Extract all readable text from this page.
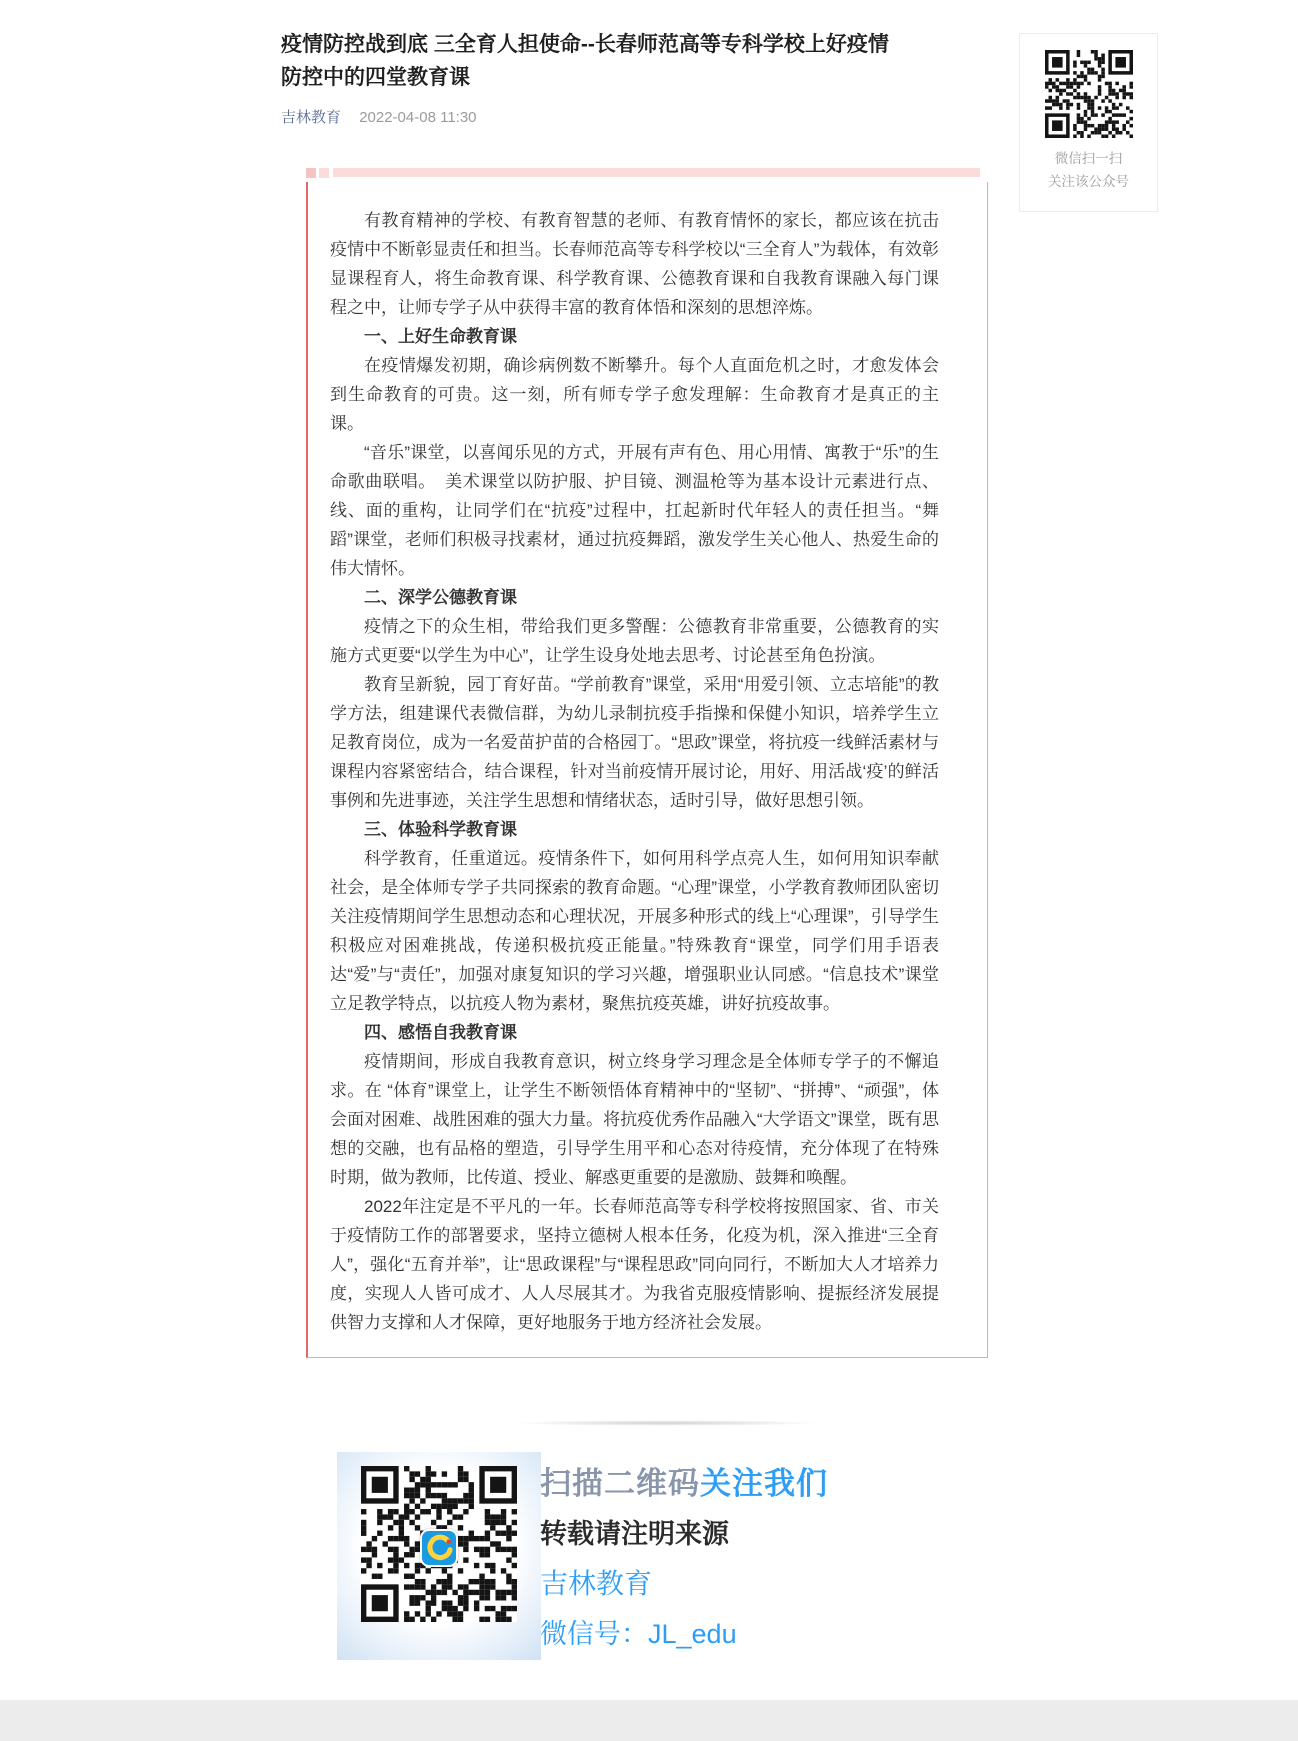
疫情防控战到底 三全育人担使命--长春师范高等专科学校上好疫情防控中的四堂教育课
吉林教育 2022-04-08 11:30
微信扫一扫
关注该公众号

有教育精神的学校、有教育智慧的老师、有教育情怀的家长，都应该在抗击疫情中不断彰显责任和担当。长春师范高等专科学校以“三全育人”为载体，有效彰显课程育人，将生命教育课、科学教育课、公德教育课和自我教育课融入每门课程之中，让师专学子从中获得丰富的教育体悟和深刻的思想淬炼。

一、上好生命教育课

在疫情爆发初期，确诊病例数不断攀升。每个人直面危机之时，才愈发体会到生命教育的可贵。这一刻，所有师专学子愈发理解：生命教育才是真正的主课。

“音乐”课堂，以喜闻乐见的方式，开展有声有色、用心用情、寓教于“乐”的生命歌曲联唱。　美术课堂以防护服、护目镜、测温枪等为基本设计元素进行点、线、面的重构，让同学们在“抗疫”过程中，扛起新时代年轻人的责任担当。“舞蹈”课堂，老师们积极寻找素材，通过抗疫舞蹈，激发学生关心他人、热爱生命的伟大情怀。

二、深学公德教育课

疫情之下的众生相，带给我们更多警醒：公德教育非常重要，公德教育的实施方式更要“以学生为中心”，让学生设身处地去思考、讨论甚至角色扮演。

教育呈新貌，园丁育好苗。“学前教育”课堂，采用“用爱引领、立志培能”的教学方法，组建课代表微信群，为幼儿录制抗疫手指操和保健小知识，培养学生立足教育岗位，成为一名爱苗护苗的合格园丁。“思政”课堂，将抗疫一线鲜活素材与课程内容紧密结合，结合课程，针对当前疫情开展讨论，用好、用活战‘疫’的鲜活事例和先进事迹，关注学生思想和情绪状态，适时引导，做好思想引领。

三、体验科学教育课

科学教育，任重道远。疫情条件下，如何用科学点亮人生，如何用知识奉献社会，是全体师专学子共同探索的教育命题。“心理”课堂，小学教育教师团队密切关注疫情期间学生思想动态和心理状况，开展多种形式的线上“心理课”，引导学生积极应对困难挑战，传递积极抗疫正能量。”特殊教育“课堂，同学们用手语表达“爱”与“责任”，加强对康复知识的学习兴趣，增强职业认同感。“信息技术”课堂立足教学特点，以抗疫人物为素材，聚焦抗疫英雄，讲好抗疫故事。

四、感悟自我教育课

疫情期间，形成自我教育意识，树立终身学习理念是全体师专学子的不懈追求。在 “体育”课堂上，让学生不断领悟体育精神中的“坚韧”、“拼搏”、“顽强”，体会面对困难、战胜困难的强大力量。将抗疫优秀作品融入“大学语文”课堂，既有思想的交融，也有品格的塑造，引导学生用平和心态对待疫情，充分体现了在特殊时期，做为教师，比传道、授业、解惑更重要的是激励、鼓舞和唤醒。

2022年注定是不平凡的一年。长春师范高等专科学校将按照国家、省、市关于疫情防工作的部署要求，坚持立德树人根本任务，化疫为机，深入推进“三全育人”，强化“五育并举”，让“思政课程”与“课程思政”同向同行，不断加大人才培养力度，实现人人皆可成才、人人尽展其才。为我省克服疫情影响、提振经济发展提供智力支撑和人才保障，更好地服务于地方经济社会发展。

扫描二维码关注我们
转载请注明来源
吉林教育
微信号：JL_edu
